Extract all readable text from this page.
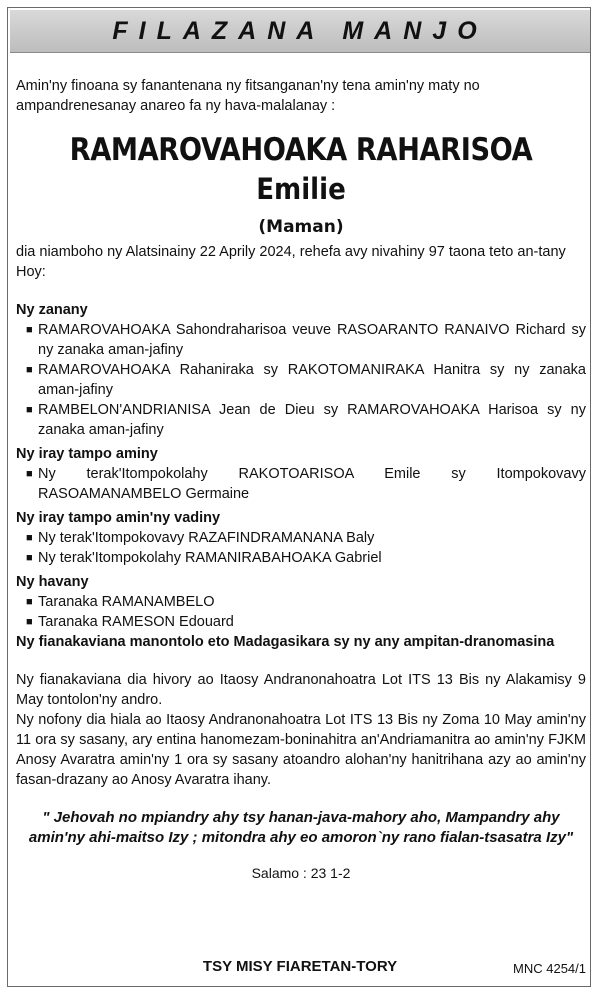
FILAZANA MANJO

Amin'ny finoana sy fanantenana ny fitsanganan'ny tena amin'ny maty no ampandrenesanay anareo fa ny hava-malalanay :

RAMAROVAHOAKA RAHARISOA
Emilie
(Maman)

dia niamboho ny Alatsinainy 22 Aprily 2024, rehefa avy nivahiny 97 taona teto an-tany

Hoy:

Ny zanany

■ RAMAROVAHOAKA Sahondraharisoa veuve RASOARANTO RANAIVO Richard sy ny zanaka aman-jafiny
■ RAMAROVAHOAKA Rahaniraka sy RAKOTOMANIRAKA Hanitra sy ny zanaka aman-jafiny
■ RAMBELON'ANDRIANISA Jean de Dieu sy RAMAROVAHOAKA Harisoa sy ny zanaka aman-jafiny

Ny iray tampo aminy

■ Ny terak'Itompokolahy RAKOTOARISOA Emile sy Itompokovavy RASOAMANAMBELO Germaine

Ny iray tampo amin'ny vadiny

■ Ny terak'Itompokovavy RAZAFINDRAMANANA Baly
■ Ny terak'Itompokolahy RAMANIRABAHOAKA Gabriel

Ny havany

■ Taranaka RAMANAMBELO
■ Taranaka RAMESON Edouard

Ny fianakaviana manontolo eto Madagasikara sy ny any ampitan-dranomasina

Ny fianakaviana dia hivory ao Itaosy Andranonahoatra Lot ITS 13 Bis ny Alakamisy 9 May tontolon'ny andro.

Ny nofony dia hiala ao Itaosy Andranonahoatra Lot ITS 13 Bis ny Zoma 10 May amin'ny 11 ora sy sasany, ary entina hanomezam-boninahitra an'Andriamanitra ao amin'ny FJKM Anosy Avaratra amin'ny 1 ora sy sasany atoandro alohan'ny hanitrihana azy ao amin'ny fasan-drazany ao Anosy Avaratra ihany.

" Jehovah no mpiandry ahy tsy hanan-java-mahory aho, Mampandry ahy amin'ny ahi-maitso Izy ; mitondra ahy eo amoron`ny rano fialan-tsasatra Izy"

Salamo : 23 1-2

TSY MISY FIARETAN-TORY	MNC 4254/1
